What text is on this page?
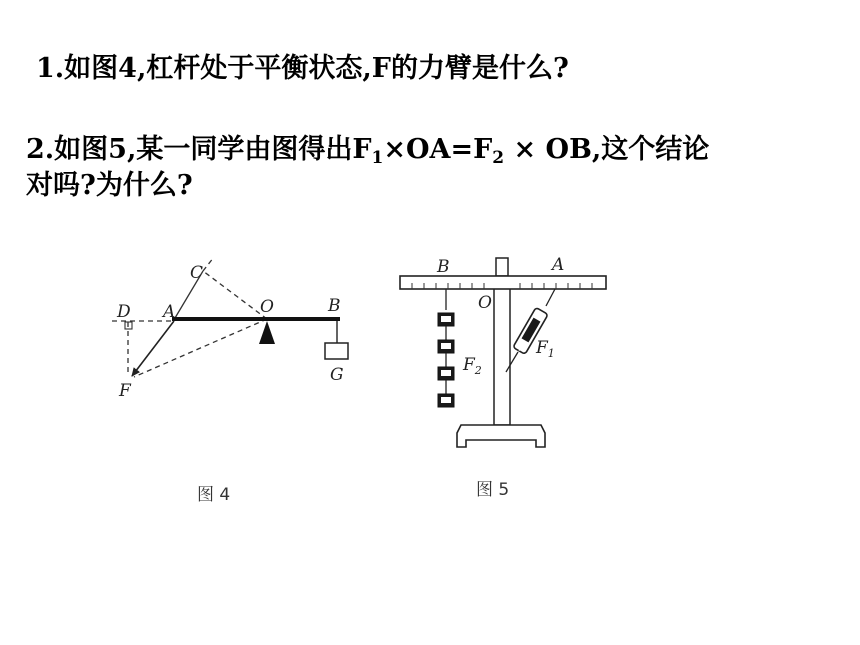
1.如图4,杠杆处于平衡状态,F的力臂是什么?

2.如图5,某一同学由图得出$F_1\times OA=F_2$ × OB,这个结论
对吗?为什么?

C
D A	O	B
F
G
图 4
B	A
O
$F_1$
$F_2$
图 5
